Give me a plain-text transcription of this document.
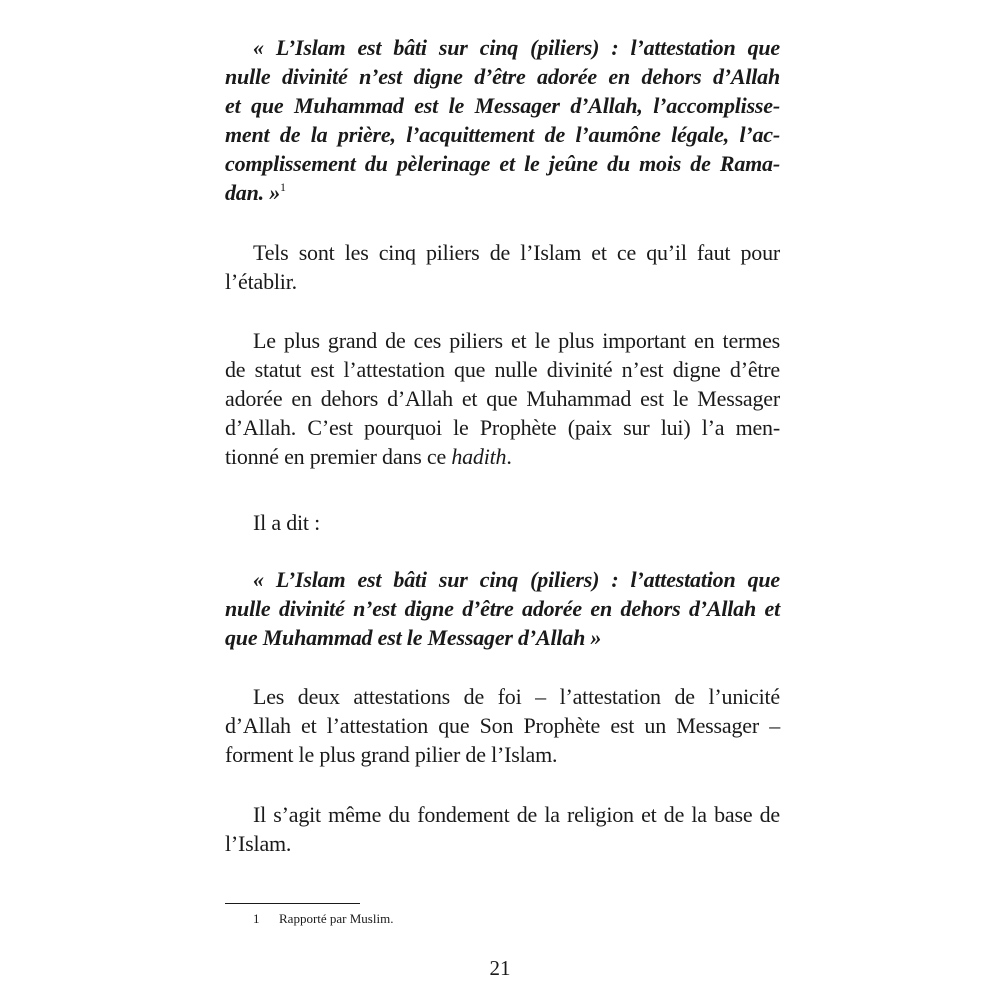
« L’Islam est bâti sur cinq (piliers) : l’attestation que
nulle divinité n’est digne d’être adorée en dehors d’Allah
et que Muhammad est le Messager d’Allah, l’accomplisse-
ment de la prière, l’acquittement de l’aumône légale, l’ac-
complissement du pèlerinage et le jeûne du mois de Rama-
dan. »$^1$
Tels sont les cinq piliers de l’Islam et ce qu’il faut pour
l’établir.
Le plus grand de ces piliers et le plus important en termes
de statut est l’attestation que nulle divinité n’est digne d’être
adorée en dehors d’Allah et que Muhammad est le Messager
d’Allah. C’est pourquoi le Prophète (paix sur lui) l’a men-
tionné en premier dans ce hadith.
Il a dit :
« L’Islam est bâti sur cinq (piliers) : l’attestation que
nulle divinité n’est digne d’être adorée en dehors d’Allah et
que Muhammad est le Messager d’Allah »
Les deux attestations de foi – l’attestation de l’unicité
d’Allah et l’attestation que Son Prophète est un Messager –
forment le plus grand pilier de l’Islam.
Il s’agit même du fondement de la religion et de la base de
l’Islam.
1 Rapporté par Muslim.
21
